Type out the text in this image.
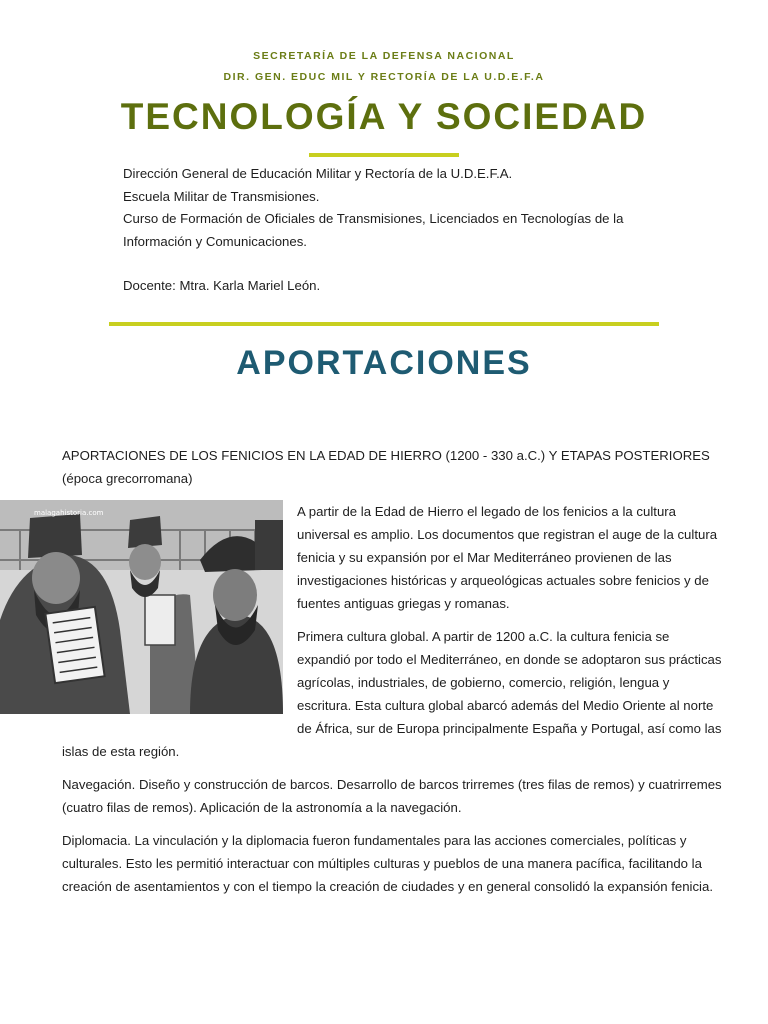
SECRETARÍA DE LA DEFENSA NACIONAL
DIR. GEN. EDUC MIL Y RECTORÍA DE LA U.D.E.F.A
TECNOLOGÍA Y SOCIEDAD

Dirección General de Educación Militar y Rectoría de la U.D.E.F.A.

Escuela Militar de Transmisiones.

Curso de Formación de Oficiales de Transmisiones, Licenciados en Tecnologías de la Información y Comunicaciones.

Docente: Mtra. Karla Mariel León.

APORTACIONES

APORTACIONES DE LOS FENICIOS EN LA EDAD DE HIERRO (1200 - 330 a.C.) Y ETAPAS POSTERIORES (época grecorromana)

malagahistoria.com	A partir de la Edad de Hierro el legado de los fenicios a la cultura universal es amplio. Los documentos que registran el auge de la cultura fenicia y su expansión por el Mar Mediterráneo provienen de las investigaciones históricas y arqueológicas actuales sobre fenicios y de fuentes antiguas griegas y romanas.

Primera cultura global. A partir de 1200 a.C. la cultura fenicia se expandió por todo el Mediterráneo, en donde se adoptaron sus prácticas agrícolas, industriales, de gobierno, comercio, religión, lengua y escritura. Esta cultura global abarcó además del Medio Oriente al norte de África, sur de Europa principalmente España y Portugal, así como las islas de esta región.

Navegación. Diseño y construcción de barcos. Desarrollo de barcos trirremes (tres filas de remos) y cuatrirremes (cuatro filas de remos). Aplicación de la astronomía a la navegación.

Diplomacia. La vinculación y la diplomacia fueron fundamentales para las acciones comerciales, políticas y culturales. Esto les permitió interactuar con múltiples culturas y pueblos de una manera pacífica, facilitando la creación de asentamientos y con el tiempo la creación de ciudades y en general consolidó la expansión fenicia.
